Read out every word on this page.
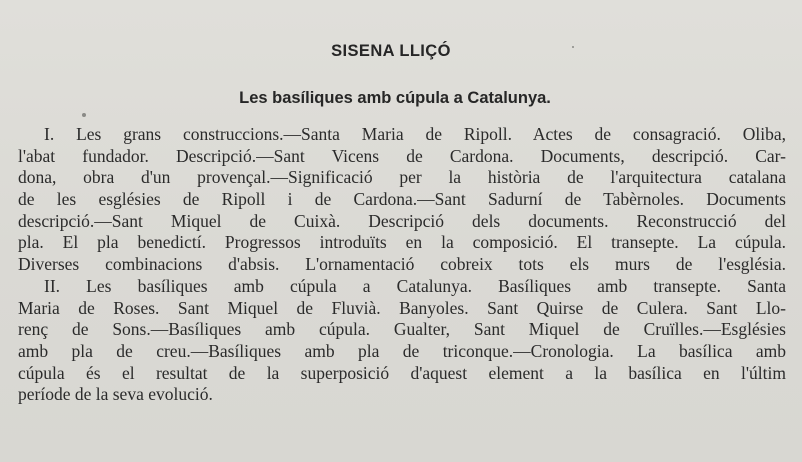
SISENA LLIÇÓ
Les basíliques amb cúpula a Catalunya.
I. Les grans construccions.—Santa Maria de Ripoll. Actes de consagració. Oliba,
l'abat fundador. Descripció.—Sant Vicens de Cardona. Documents, descripció. Car-
dona, obra d'un provençal.—Significació per la història de l'arquitectura catalana
de les esglésies de Ripoll i de Cardona.—Sant Sadurní de Tabèrnoles. Documents
descripció.—Sant Miquel de Cuixà. Descripció dels documents. Reconstrucció del
pla. El pla benedictí. Progressos introduïts en la composició. El transepte. La cúpula.
Diverses combinacions d'absis. L'ornamentació cobreix tots els murs de l'església.
II. Les basíliques amb cúpula a Catalunya. Basíliques amb transepte. Santa
Maria de Roses. Sant Miquel de Fluvià. Banyoles. Sant Quirse de Culera. Sant Llo-
renç de Sons.—Basíliques amb cúpula. Gualter, Sant Miquel de Cruïlles.—Esglésies
amb pla de creu.—Basíliques amb pla de triconque.—Cronologia. La basílica amb
cúpula és el resultat de la superposició d'aquest element a la basílica en l'últim
període de la seva evolució.
